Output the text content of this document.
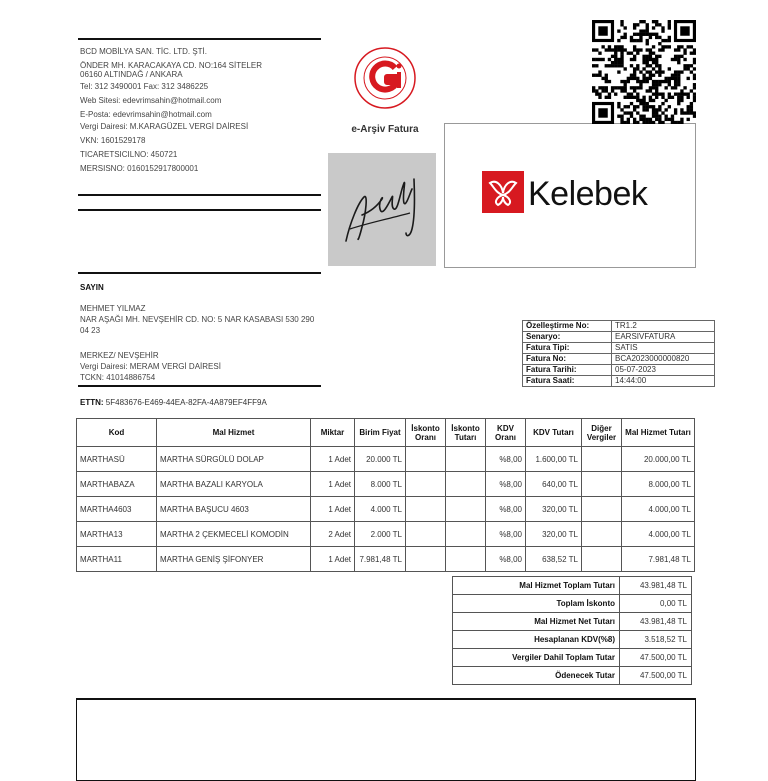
BCD MOBİLYA SAN. TİC. LTD. ŞTİ.
ÖNDER MH. KARACAKAYA CD. NO:164 SİTELER
06160 ALTINDAĞ / ANKARA
Tel: 312 3490001 Fax: 312 3486225
Web Sitesi: edevrimsahin@hotmail.com
E-Posta: edevrimsahin@hotmail.com
Vergi Dairesi: M.KARAGÜZEL VERGİ DAİRESİ
VKN: 1601529178
TICARETSICILNO: 450721
MERSISNO: 0160152917800001
e-Arşiv Fatura
Kelebek
SAYIN
MEHMET YILMAZ
NAR AŞAĞI MH. NEVŞEHİR CD. NO: 5 NAR KASABASI 530 290
04 23
MERKEZ/ NEVŞEHİR
Vergi Dairesi: MERAM VERGİ DAİRESİ
TCKN: 41014886754
Özelleştirme No:	TR1.2
Senaryo:	EARSIVFATURA
Fatura Tipi:	SATIS
Fatura No:	BCA2023000000820
Fatura Tarihi:	05-07-2023
Fatura Saati:	14:44:00
ETTN: 5F483676-E469-44EA-82FA-4A879EF4FF9A
Kod	Mal Hizmet	Miktar	Birim Fiyat	İskonto Oranı	İskonto Tutarı	KDV Oranı	KDV Tutarı	Diğer Vergiler	Mal Hizmet Tutarı
MARTHASÜ	MARTHA SÜRGÜLÜ DOLAP	1 Adet	20.000 TL			%8,00	1.600,00 TL		20.000,00 TL
MARTHABAZA	MARTHA BAZALI KARYOLA	1 Adet	8.000 TL			%8,00	640,00 TL		8.000,00 TL
MARTHA4603	MARTHA BAŞUCU 4603	1 Adet	4.000 TL			%8,00	320,00 TL		4.000,00 TL
MARTHA13	MARTHA 2 ÇEKMECELİ KOMODİN	2 Adet	2.000 TL			%8,00	320,00 TL		4.000,00 TL
MARTHA11	MARTHA GENİŞ ŞİFONYER	1 Adet	7.981,48 TL			%8,00	638,52 TL		7.981,48 TL
Mal Hizmet Toplam Tutarı	43.981,48 TL
Toplam İskonto	0,00 TL
Mal Hizmet Net Tutarı	43.981,48 TL
Hesaplanan KDV(%8)	3.518,52 TL
Vergiler Dahil Toplam Tutar	47.500,00 TL
Ödenecek Tutar	47.500,00 TL
